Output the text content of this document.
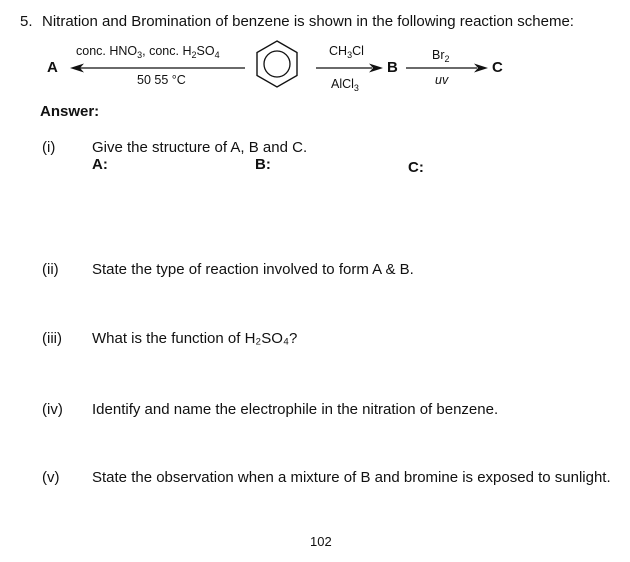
5. Nitration and Bromination of benzene is shown in the following reaction scheme:
A
conc. $HNO_3$, conc. $H_2SO_4$
50 55 °C
$CH_3Cl$
AlCl$_3$
B
$Br_2$
uv
C
Answer:
(i) Give the structure of A, B and C.
A:	B:	C:
(ii) State the type of reaction involved to form A & B.
(iii) What is the function of H₂SO₄?
(iv) Identify and name the electrophile in the nitration of benzene.
(v) State the observation when a mixture of B and bromine is exposed to sunlight.
102
